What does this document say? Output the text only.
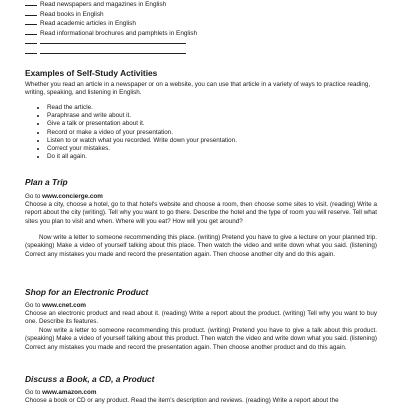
Read newspapers and magazines in English
Read books in English
Read academic articles in English
Read informational brochures and pamphlets in English
Examples of Self-Study Activities

Whether you read an article in a newspaper or on a website, you can use that article in a variety of ways to practice reading, writing, speaking, and listening in English.

• Read the article.
• Paraphrase and write about it.
• Give a talk or presentation about it.
• Record or make a video of your presentation.
• Listen to or watch what you recorded. Write down your presentation.
• Correct your mistakes.
• Do it all again.
Plan a Trip

Go to www.concierge.com

Choose a city, choose a hotel, go to that hotel's website and choose a room, then choose some sites to visit. (reading) Write a report about the city (writing). Tell why you want to go there. Describe the hotel and the type of room you will reserve. Tell what sites you plan to visit and when. Where will you eat? How will you get around?

Now write a letter to someone recommending this place. (writing) Pretend you have to give a lecture on your planned trip. (speaking) Make a video of yourself talking about this place. Then watch the video and write down what you said. (listening) Correct any mistakes you made and record the presentation again. Then choose another city and do this again.

Shop for an Electronic Product

Go to www.cnet.com

Choose an electronic product and read about it. (reading) Write a report about the product. (writing) Tell why you want to buy one. Describe its features.

Now write a letter to someone recommending this product. (writing) Pretend you have to give a talk about this product. (speaking) Make a video of yourself talking about this product. Then watch the video and write down what you said. (listening) Correct any mistakes you made and record the presentation again. Then choose another product and do this again.

Discuss a Book, a CD, a Product

Go to www.amazon.com

Choose a book or CD or any product. Read the item's description and reviews. (reading) Write a report about the
